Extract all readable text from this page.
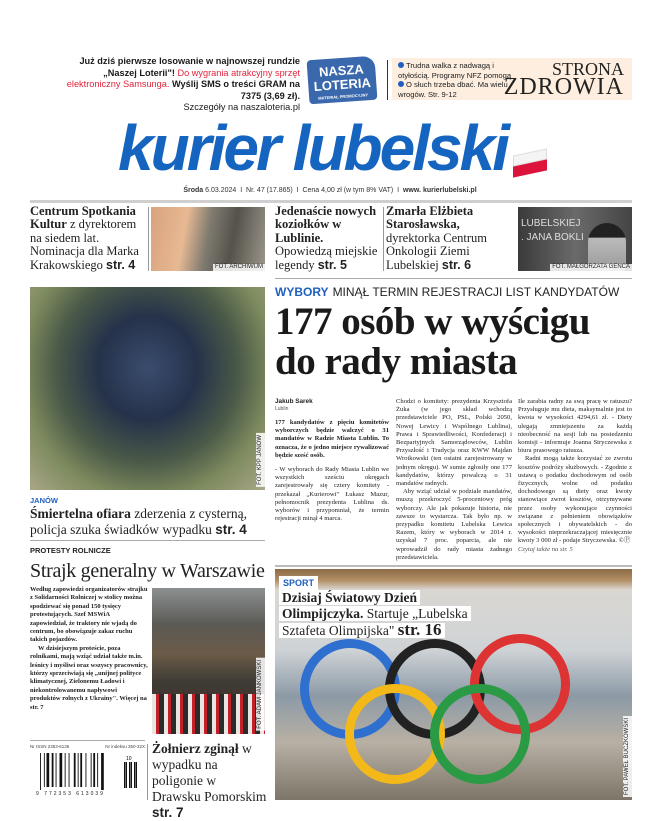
Już dziś pierwsze losowanie w najnowszej rundzie „Naszej Loterii"! Do wygrania atrakcyjny sprzęt elektroniczny Samsunga. Wyślij SMS o treści GRAM na 7375 (3,69 zł).
Szczegóły na naszaloteria.pl
NASZA
LOTERIA
MATERIAŁ PROMOCYJNY
Trudna walka z nadwagą i otyłością. Programy NFZ pomogą
O słuch trzeba dbać. Ma wielu wrogów. Str. 9-12
STRONA
ZDROWIA
kurier lubelski
Środa 6.03.2024 I Nr. 47 (17.865) I Cena 4,00 zł (w tym 8% VAT) I www. kurierlubelski.pl
Centrum Spotkania Kultur z dyrektorem na siedem lat. Nominacja dla Marka Krakowskiego str. 4	FOT. ARCHIWUM
Jedenaście nowych koziołków w Lublinie. Opowiedzą miejskie legendy str. 5
Zmarła Elżbieta Starosławska, dyrektorka Centrum Onkologii Ziemi Lubelskiej str. 6
LUBELSKIEJ . JANA BOKLI
FOT. MAŁGORZATA GENCA
FOT. KPP JANÓW
JANÓW
Śmiertelna ofiara zderzenia z cysterną, policja szuka świadków wypadku str. 4
PROTESTY ROLNICZE
Strajk generalny w Warszawie

Według zapowiedzi organizatorów strajku z Solidarności Rolniczej w stolicy można spodziewać się ponad 150 tysięcy protestujących. Szef MSWiA zapowiedział, że traktory nie wjadą do centrum, bo obowiązuje zakaz ruchu takich pojazdów.

W dzisiejszym proteście, poza rolnikami, mają wziąć udział także m.in. leśnicy i myśliwi oraz wszyscy pracownicy, którzy sprzeciwiają się „unijnej polityce klimatycznej, Zielonemu Ładowi i niekontrolowanemu napływowi produktów rolnych z Ukrainy". Więcej na str. 7	FOT. ADAM JANKOWSKI
Nr ISSN 2353-6136	Nr indeksu 350-32X
10
9 772353 613039
Żołnierz zginął w wypadku na poligonie w Drawsku Pomorskim str. 7
WYBORY MINĄŁ TERMIN REJESTRACJI LIST KANDYDATÓW
177 osób w wyścigu do rady miasta
Jakub Sarek
Lublin
177 kandydatów z pięciu komitetów wyborczych będzie walczyć o 31 mandatów w Radzie Miasta Lublin. To oznacza, że o jedno miejsce rywalizować będzie sześć osób.

- W wyborach do Rady Miasta Lublin we wszystkich sześciu okręgach zarejestrowały się cztery komitety - przekazał „Kurierowi" Łukasz Mazur, pełnomocnik prezydenta Lublina ds. wyborów i przypomniał, że termin rejestracji minął 4 marca.

Chodzi o komitety: prezydenta Krzysztofa Żuka (w jego skład wchodzą przedstawiciele PO, PSL, Polski 2050, Nowej Lewicy i Wspólnego Lublina), Prawa i Sprawiedliwości, Konfederacji i Bezpartyjnych Samorządowców, Lublin Przyszłość i Tradycja oraz KWW Majdan Wrotkowski (ten ostatni zarejestrowany w jednym okręgu). W sumie zgłosiły one 177 kandydatów, którzy powalczą o 31 mandatów radnych.

Aby wziąć udział w podziale mandatów, muszą przekroczyć 5-procentowy próg wyborczy. Ale jak pokazuje historia, nie zawsze to wystarcza. Tak było np. w przypadku komitetu Lubelska Lewica Razem, który w wyborach w 2014 r. uzyskał 7 proc. poparcia, ale nie wprowadził do rady miasta żadnego przedstawiciela.

Ile zarabia radny za swą pracę w ratuszu? Przysługuje mu dieta, maksymalnie jest to kwota w wysokości 4294,61 zł. - Diety ulegają zmniejszeniu za każdą nieobecność na sesji lub na posiedzeniu komisji - informuje Joanna Stryczewska z biura prasowego ratusza.

Radni mogą także korzystać ze zwrotu kosztów podróży służbowych. - Zgodnie z ustawą o podatku dochodowym od osób fizycznych, wolne od podatku dochodowego są diety oraz kwoty stanowiące zwrot kosztów, otrzymywane przez osoby wykonujące czynności związane z pełnieniem obowiązków społecznych i obywatelskich - do wysokości nieprzekraczającej miesięcznie kwoty 3 000 zł - podaje Stryczewska. ©Ⓟ

Czytaj także na str. 5
FOT. PAWEŁ BUCZKOWSKI
SPORT
Dzisiaj Światowy Dzień Olimpijczyka. Startuje „Lubelska Sztafeta Olimpijska" str. 16
